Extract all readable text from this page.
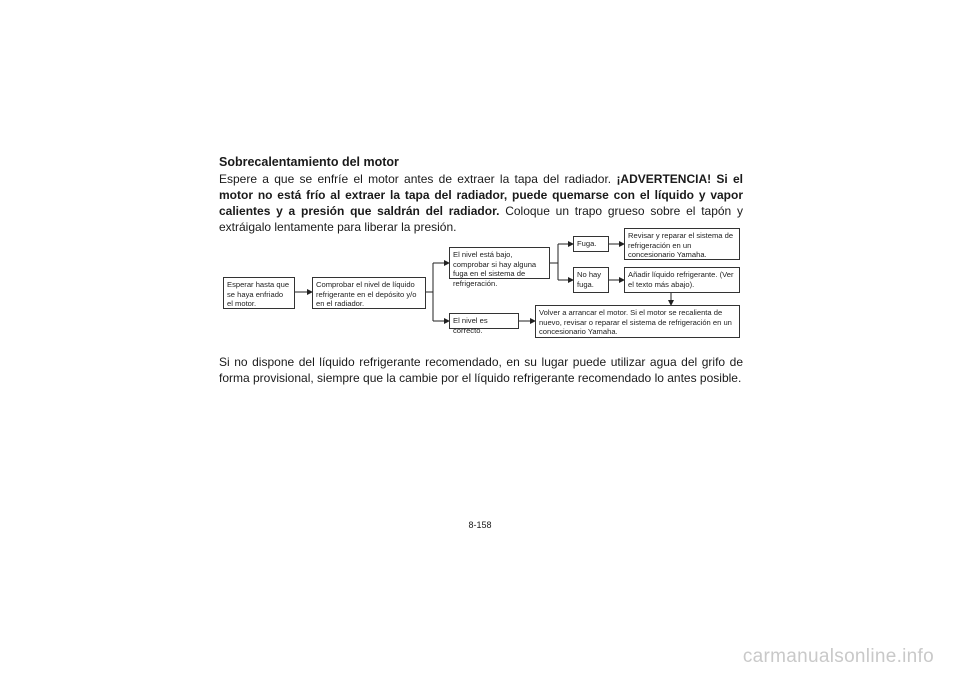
Sobrecalentamiento del motor

Espere a que se enfríe el motor antes de extraer la tapa del radiador. ¡ADVERTENCIA! Si el motor no está frío al extraer la tapa del radiador, puede quemarse con el líquido y vapor calientes y a presión que saldrán del radiador. Coloque un trapo grueso sobre el tapón y extráigalo lentamente para liberar la presión.

Esperar hasta que se haya enfriado el motor.
Comprobar el nivel de líquido refrigerante en el depósito y/o en el radiador.
El nivel está bajo, comprobar si hay alguna fuga en el sistema de refrigeración.
Fuga.
No hay fuga.
Revisar y reparar el sistema de refrigeración en un concesionario Yamaha.
Añadir líquido refrigerante. (Ver el texto más abajo).
El nivel es correcto.
Volver a arrancar el motor. Si el motor se recalienta de nuevo, revisar o reparar el sistema de refrigeración en un concesionario Yamaha.

Si no dispone del líquido refrigerante recomendado, en su lugar puede utilizar agua del grifo de forma provisional, siempre que la cambie por el líquido refrigerante recomendado lo antes posible.

8-158
carmanualsonline.info
